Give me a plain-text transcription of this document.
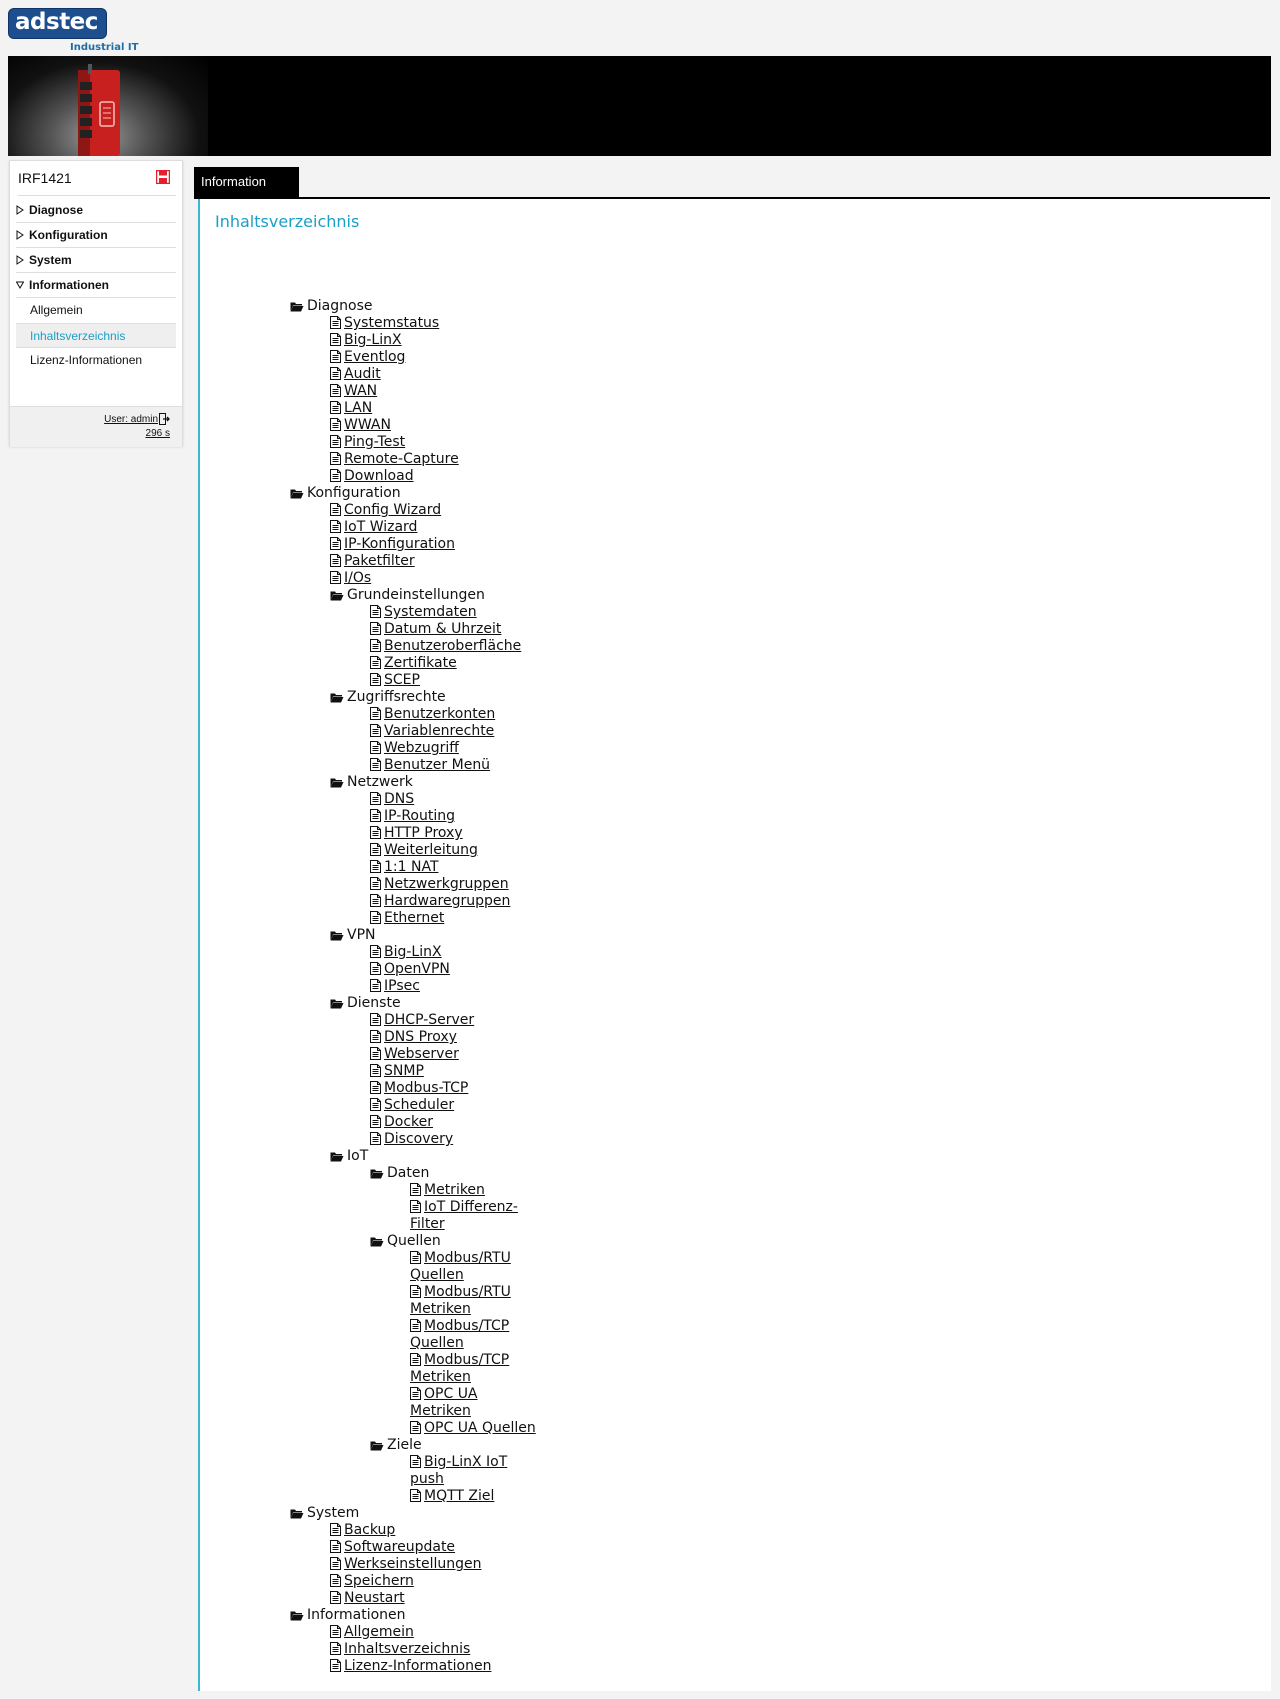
adstec
Industrial IT
IRF1421
Diagnose
Konfiguration
System
Informationen
Allgemein
Inhaltsverzeichnis
Lizenz-Informationen
User: admin
296 s
Information
Inhaltsverzeichnis
Diagnose
Systemstatus
Big-LinX
Eventlog
Audit
WAN
LAN
WWAN
Ping-Test
Remote-Capture
Download
Konfiguration
Config Wizard
IoT Wizard
IP-Konfiguration
Paketfilter
I/Os
Grundeinstellungen
Systemdaten
Datum & Uhrzeit
Benutzeroberfläche
Zertifikate
SCEP
Zugriffsrechte
Benutzerkonten
Variablenrechte
Webzugriff
Benutzer Menü
Netzwerk
DNS
IP-Routing
HTTP Proxy
Weiterleitung
1:1 NAT
Netzwerkgruppen
Hardwaregruppen
Ethernet
VPN
Big-LinX
OpenVPN
IPsec
Dienste
DHCP-Server
DNS Proxy
Webserver
SNMP
Modbus-TCP
Scheduler
Docker
Discovery
IoT
Daten
Metriken
IoT Differenz-
Filter
Quellen
Modbus/RTU
Quellen
Modbus/RTU
Metriken
Modbus/TCP
Quellen
Modbus/TCP
Metriken
OPC UA
Metriken
OPC UA Quellen
Ziele
Big-LinX IoT
push
MQTT Ziel
System
Backup
Softwareupdate
Werkseinstellungen
Speichern
Neustart
Informationen
Allgemein
Inhaltsverzeichnis
Lizenz-Informationen
